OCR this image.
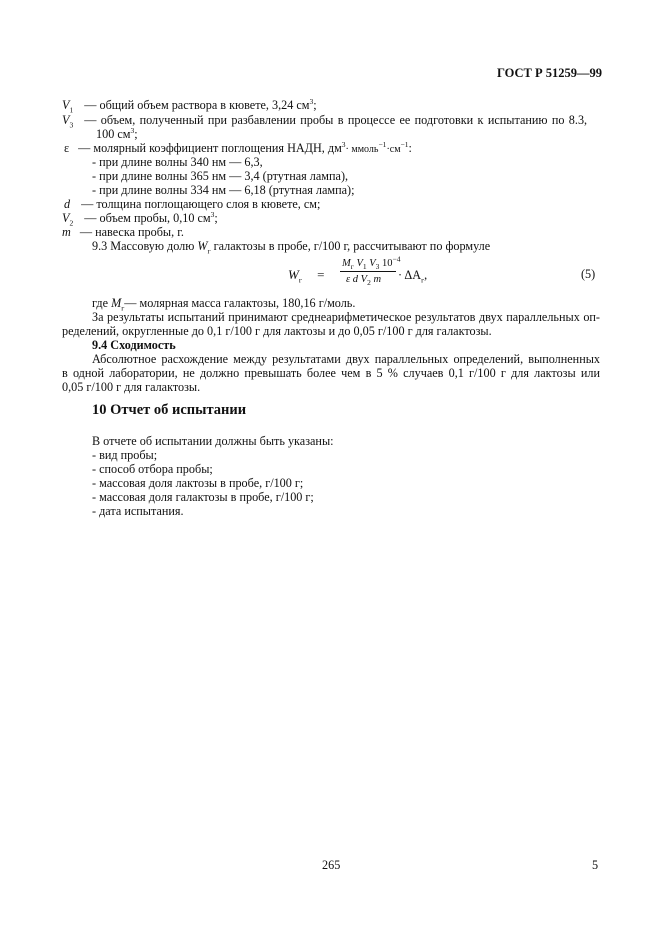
ГОСТ Р 51259—99
$V_1$ — общий объем раствора в кювете, 3,24 $см^3$;
$V_3$ — объем, полученный при разбавлении пробы в процессе ее подготовки к испытанию по 8.3,
100 $см^3$;
ε — молярный коэффициент поглощения НАДН, $дм^3\cdot$ $ммоль^{-1}\cdot см^{-1}$:
- при длине волны 340 нм — 6,3,
- при длине волны 365 нм — 3,4 (ртутная лампа),
- при длине волны 334 нм — 6,18 (ртутная лампа);
d — толщина поглощающего слоя в кювете, см;
$V_2$ — объем пробы, 0,10 $см^3$;
m — навеска пробы, г.
9.3 Массовую долю $W_г$ галактозы в пробе, г/100 г, рассчитывают по формуле
$W_г$ =
$M_г$ $V_1$ $V_3$ $10^{-4}$
ε d $V_2$ $m \cdot \Delta A_г$,	(5)
где $M_г—$ молярная масса галактозы, 180,16 г/моль.
За результаты испытаний принимают среднеарифметическое результатов двух параллельных оп-
ределений, округленные до 0,1 г/100 г для лактозы и до 0,05 г/100 г для галактозы.
9.4 Сходимость
Абсолютное расхождение между результатами двух параллельных определений, выполненных
в одной лаборатории, не должно превышать более чем в 5 % случаев 0,1 г/100 г для лактозы или
0,05 г/100 г для галактозы.
10 Отчет об испытании
В отчете об испытании должны быть указаны:
- вид пробы;
- способ отбора пробы;
- массовая доля лактозы в пробе, г/100 г;
- массовая доля галактозы в пробе, г/100 г;
- дата испытания.
265	5
